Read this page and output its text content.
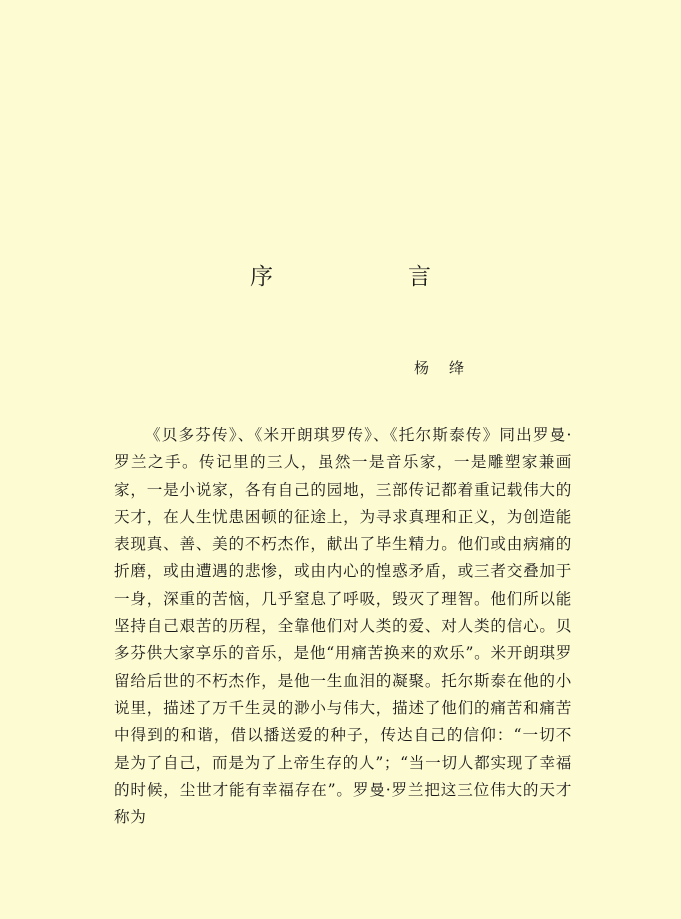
序　言
杨绛

《贝多芬传》、《米开朗琪罗传》、《托尔斯泰传》同出罗曼·罗兰之手。传记里的三人，虽然一是音乐家，一是雕塑家兼画家，一是小说家，各有自己的园地，三部传记都着重记载伟大的天才，在人生忧患困顿的征途上，为寻求真理和正义，为创造能表现真、善、美的不朽杰作，献出了毕生精力。他们或由病痛的折磨，或由遭遇的悲惨，或由内心的惶惑矛盾，或三者交叠加于一身，深重的苦恼，几乎窒息了呼吸，毁灭了理智。他们所以能坚持自己艰苦的历程，全靠他们对人类的爱、对人类的信心。贝多芬供大家享乐的音乐，是他“用痛苦换来的欢乐”。米开朗琪罗留给后世的不朽杰作，是他一生血泪的凝聚。托尔斯泰在他的小说里，描述了万千生灵的渺小与伟大，描述了他们的痛苦和痛苦中得到的和谐，借以播送爱的种子，传达自己的信仰：“一切不是为了自己，而是为了上帝生存的人”；“当一切人都实现了幸福的时候，尘世才能有幸福存在”。罗曼·罗兰把这三位伟大的天才称为
